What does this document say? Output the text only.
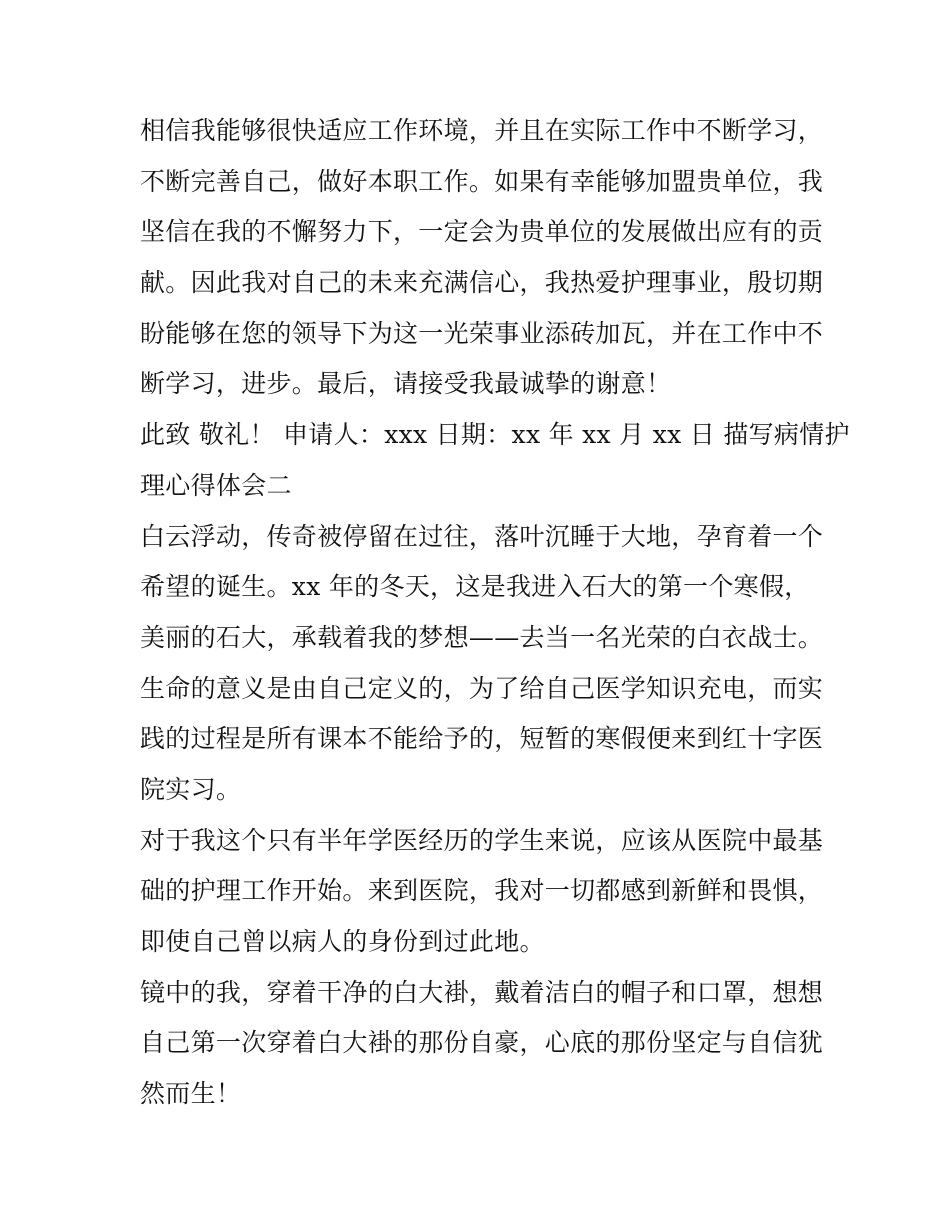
相信我能够很快适应工作环境，并且在实际工作中不断学习，
不断完善自己，做好本职工作。如果有幸能够加盟贵单位，我
坚信在我的不懈努力下，一定会为贵单位的发展做出应有的贡
献。因此我对自己的未来充满信心，我热爱护理事业，殷切期
盼能够在您的领导下为这一光荣事业添砖加瓦，并在工作中不
断学习，进步。最后，请接受我最诚挚的谢意！
此致 敬礼！ 申请人：xxx 日期：xx 年 xx 月 xx 日 描写病情护
理心得体会二
白云浮动，传奇被停留在过往，落叶沉睡于大地，孕育着一个
希望的诞生。xx 年的冬天，这是我进入石大的第一个寒假，
美丽的石大，承载着我的梦想——去当一名光荣的白衣战士。
生命的意义是由自己定义的，为了给自己医学知识充电，而实
践的过程是所有课本不能给予的，短暂的寒假便来到红十字医
院实习。
对于我这个只有半年学医经历的学生来说，应该从医院中最基
础的护理工作开始。来到医院，我对一切都感到新鲜和畏惧，
即使自己曾以病人的身份到过此地。
镜中的我，穿着干净的白大褂，戴着洁白的帽子和口罩，想想
自己第一次穿着白大褂的那份自豪，心底的那份坚定与自信犹
然而生！
